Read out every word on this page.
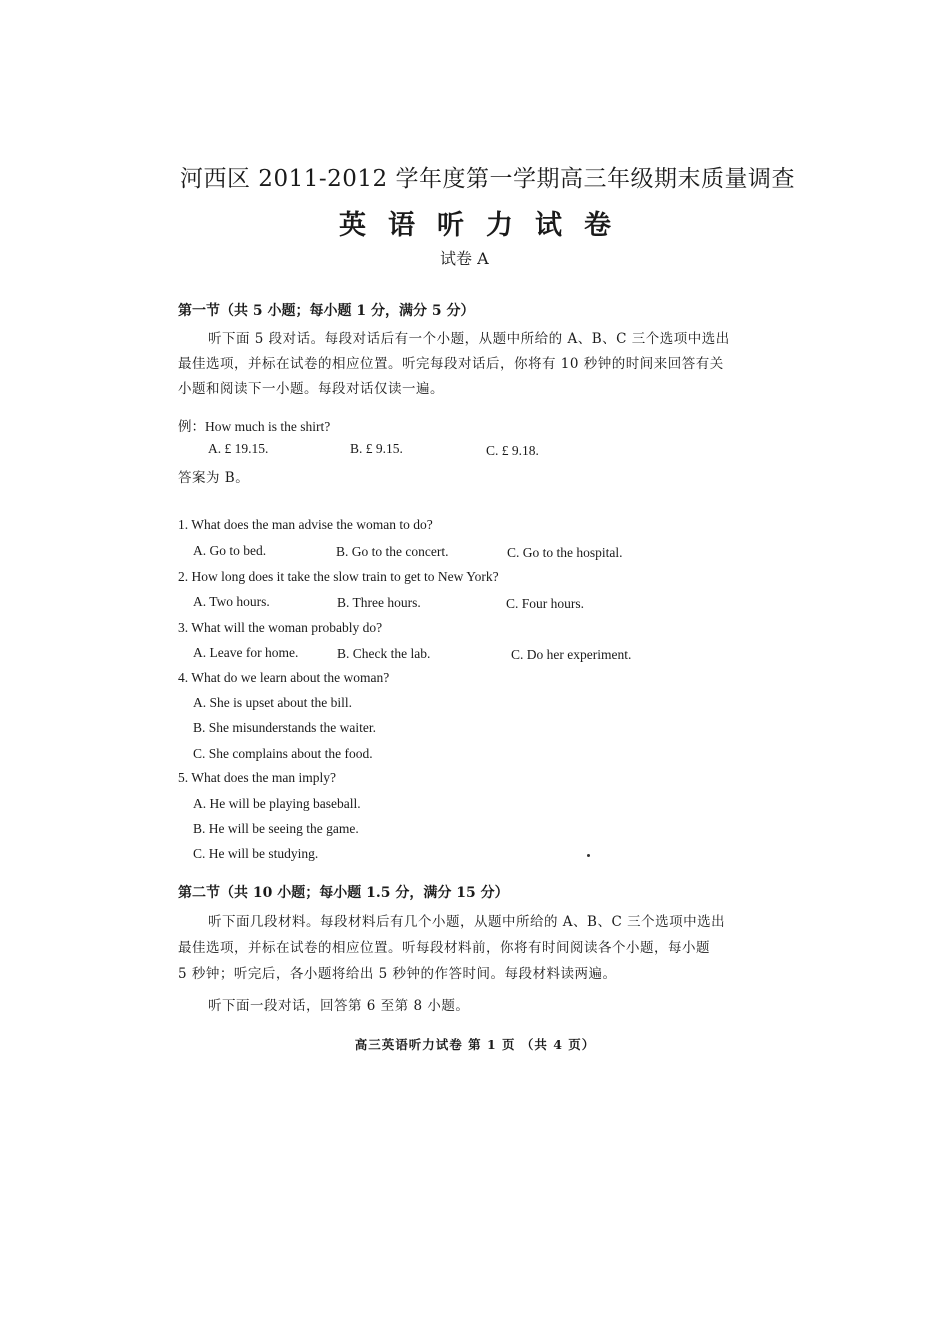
河西区 2011-2012 学年度第一学期高三年级期末质量调查
英语听力试卷
试卷 A
第一节（共 5 小题；每小题 1 分，满分 5 分）
听下面 5 段对话。每段对话后有一个小题，从题中所给的 A、B、C 三个选项中选出
最佳选项，并标在试卷的相应位置。听完每段对话后，你将有 10 秒钟的时间来回答有关
小题和阅读下一小题。每段对话仅读一遍。
例：How much is the shirt?
A. £ 19.15.	B. £ 9.15.	C. £ 9.18.
答案为 B。
1. What does the man advise the woman to do?
A. Go to bed.	B. Go to the concert.	C. Go to the hospital.
2. How long does it take the slow train to get to New York?
A. Two hours.	B. Three hours.	C. Four hours.
3. What will the woman probably do?
A. Leave for home.	B. Check the lab.	C. Do her experiment.
4. What do we learn about the woman?
A. She is upset about the bill.
B. She misunderstands the waiter.
C. She complains about the food.
5. What does the man imply?
A. He will be playing baseball.
B. He will be seeing the game.
C. He will be studying.
第二节（共 10 小题；每小题 1.5 分，满分 15 分）
听下面几段材料。每段材料后有几个小题，从题中所给的 A、B、C 三个选项中选出
最佳选项，并标在试卷的相应位置。听每段材料前，你将有时间阅读各个小题，每小题
5 秒钟；听完后，各小题将给出 5 秒钟的作答时间。每段材料读两遍。
听下面一段对话，回答第 6 至第 8 小题。
高三英语听力试卷 第 1 页 （共 4 页）
